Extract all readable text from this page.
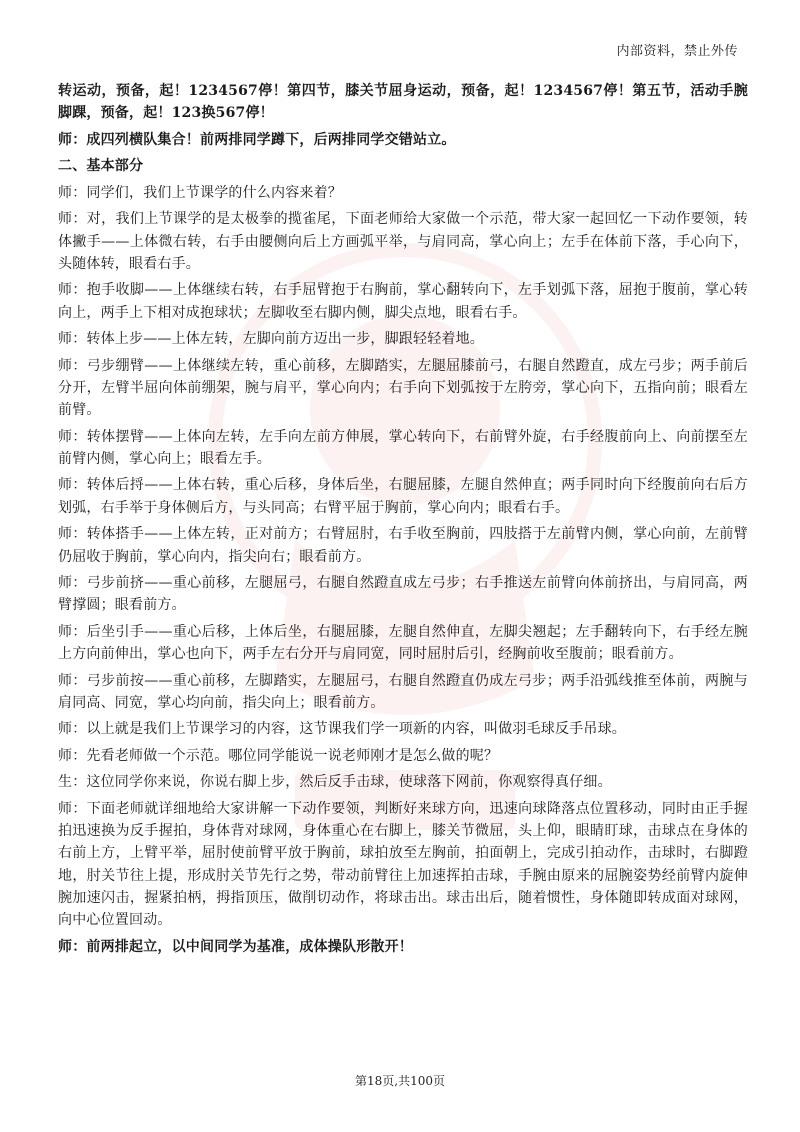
内部资料，禁止外传

转运动，预备，起！1234567停！第四节，膝关节屈身运动，预备，起！1234567停！第五节，活动手腕脚踝，预备，起！123换567停！

师：成四列横队集合！前两排同学蹲下，后两排同学交错站立。

二、基本部分

师：同学们，我们上节课学的什么内容来着？

师：对，我们上节课学的是太极拳的揽雀尾，下面老师给大家做一个示范，带大家一起回忆一下动作要领，转体撇手——上体微右转，右手由腰侧向后上方画弧平举，与肩同高，掌心向上；左手在体前下落，手心向下，头随体转，眼看右手。

师：抱手收脚——上体继续右转，右手屈臂抱于右胸前，掌心翻转向下，左手划弧下落，屈抱于腹前，掌心转向上，两手上下相对成抱球状；左脚收至右脚内侧，脚尖点地，眼看右手。

师：转体上步——上体左转，左脚向前方迈出一步，脚跟轻轻着地。

师：弓步绷臂——上体继续左转，重心前移，左脚踏实，左腿屈膝前弓，右腿自然蹬直，成左弓步；两手前后分开，左臂半屈向体前绷架，腕与肩平，掌心向内；右手向下划弧按于左胯旁，掌心向下，五指向前；眼看左前臂。

师：转体摆臂——上体向左转，左手向左前方伸展，掌心转向下，右前臂外旋，右手经腹前向上、向前摆至左前臂内侧，掌心向上；眼看左手。

师：转体后捋——上体右转，重心后移，身体后坐，右腿屈膝，左腿自然伸直；两手同时向下经腹前向右后方划弧，右手举于身体侧后方，与头同高；右臂平屈于胸前，掌心向内；眼看右手。

师：转体搭手——上体左转，正对前方；右臂屈肘，右手收至胸前，四肢搭于左前臂内侧，掌心向前，左前臂仍屈收于胸前，掌心向内，指尖向右；眼看前方。

师：弓步前挤——重心前移，左腿屈弓，右腿自然蹬直成左弓步；右手推送左前臂向体前挤出，与肩同高，两臂撑圆；眼看前方。

师：后坐引手——重心后移，上体后坐，右腿屈膝，左腿自然伸直，左脚尖翘起；左手翻转向下，右手经左腕上方向前伸出，掌心也向下，两手左右分开与肩同宽，同时屈肘后引，经胸前收至腹前；眼看前方。

师：弓步前按——重心前移，左脚踏实，左腿屈弓，右腿自然蹬直仍成左弓步；两手沿弧线推至体前，两腕与肩同高、同宽，掌心均向前，指尖向上；眼看前方。

师：以上就是我们上节课学习的内容，这节课我们学一项新的内容，叫做羽毛球反手吊球。

师：先看老师做一个示范。哪位同学能说一说老师刚才是怎么做的呢？

生：这位同学你来说，你说右脚上步，然后反手击球，使球落下网前，你观察得真仔细。

师：下面老师就详细地给大家讲解一下动作要领，判断好来球方向，迅速向球降落点位置移动，同时由正手握拍迅速换为反手握拍，身体背对球网，身体重心在右脚上，膝关节微屈，头上仰，眼睛盯球，击球点在身体的右前上方，上臂平举，屈肘使前臂平放于胸前，球拍放至左胸前，拍面朝上，完成引拍动作，击球时，右脚蹬地，肘关节往上提，形成肘关节先行之势，带动前臂往上加速挥拍击球，手腕由原来的屈腕姿势经前臂内旋伸腕加速闪击，握紧拍柄，拇指顶压，做削切动作，将球击出。球击出后，随着惯性，身体随即转成面对球网，向中心位置回动。

师：前两排起立，以中间同学为基准，成体操队形散开！

第18页,共100页
